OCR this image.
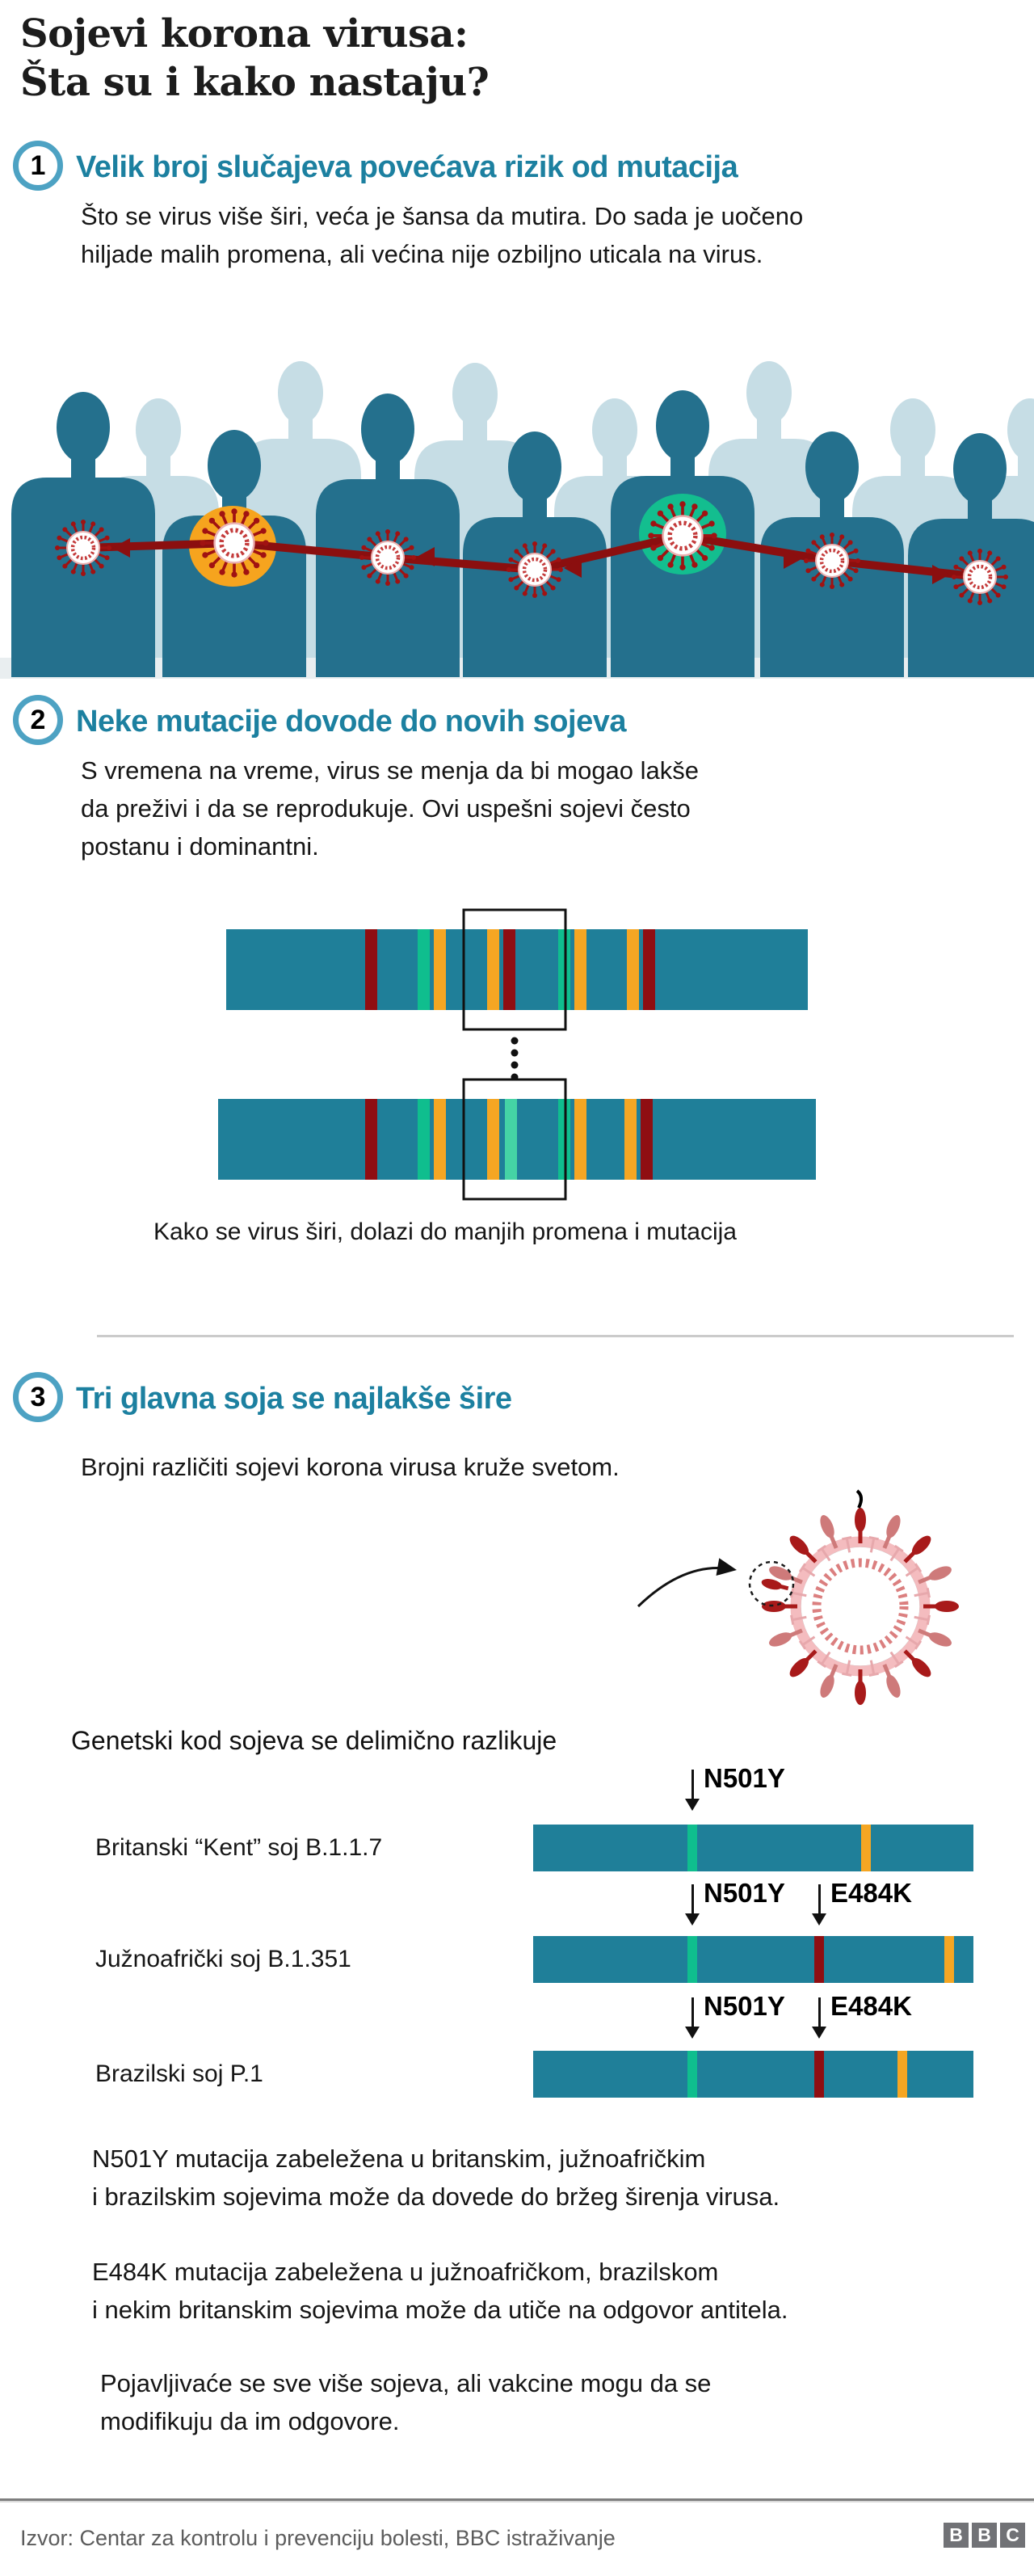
Sojevi korona virusa:
Šta su i kako nastaju?
1 Velik broj slučajeva povećava rizik od mutacija
Što se virus više širi, veća je šansa da mutira. Do sada je uočeno
hiljade malih promena, ali većina nije ozbiljno uticala na virus.
2 Neke mutacije dovode do novih sojeva
S vremena na vreme, virus se menja da bi mogao lakše
da preživi i da se reprodukuje. Ovi uspešni sojevi često
postanu i dominantni.
Kako se virus širi, dolazi do manjih promena i mutacija
3 Tri glavna soja se najlakše šire
Brojni različiti sojevi korona virusa kruže svetom.
Genetski kod sojeva se delimično razlikuje
Britanski “Kent” soj B.1.1.7
N501Y
Južnoafrički soj B.1.351
N501Y E484K
Brazilski soj P.1
N501Y E484K
N501Y mutacija zabeležena u britanskim, južnoafričkim
i brazilskim sojevima može da dovede do bržeg širenja virusa.
E484K mutacija zabeležena u južnoafričkom, brazilskom
i nekim britanskim sojevima može da utiče na odgovor antitela.
Pojavljivaće se sve više sojeva, ali vakcine mogu da se
modifikuju da im odgovore.
Izvor: Centar za kontrolu i prevenciju bolesti, BBC istraživanje	B B C
